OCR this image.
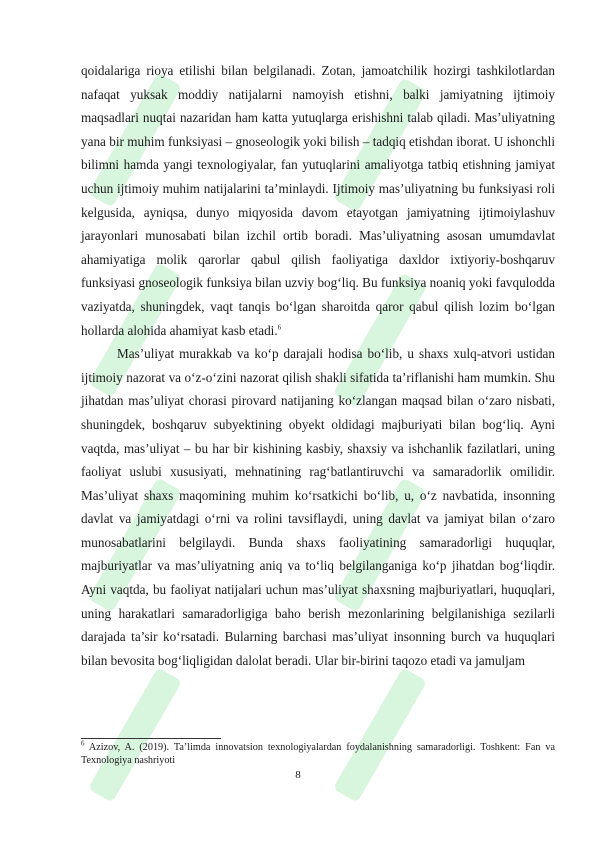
qoidalariga rioya etilishi bilan belgilanadi. Zotan, jamoatchilik hozirgi tashkilotlardan nafaqat yuksak moddiy natijalarni namoyish etishni, balki jamiyatning ijtimoiy maqsadlari nuqtai nazaridan ham katta yutuqlarga erishishni talab qiladi. Mas’uliyatning yana bir muhim funksiyasi – gnoseologik yoki bilish – tadqiq etishdan iborat. U ishonchli bilimni hamda yangi texnologiyalar, fan yutuqlarini amaliyotga tatbiq etishning jamiyat uchun ijtimoiy muhim natijalarini ta’minlaydi. Ijtimoiy mas’uliyatning bu funksiyasi roli kelgusida, ayniqsa, dunyo miqyosida davom etayotgan jamiyatning ijtimoiylashuv jarayonlari munosabati bilan izchil ortib boradi. Mas’uliyatning asosan umumdavlat ahamiyatiga molik qarorlar qabul qilish faoliyatiga daxldor ixtiyoriy-boshqaruv funksiyasi gnoseologik funksiya bilan uzviy bog‘liq. Bu funksiya noaniq yoki favqulodda vaziyatda, shuningdek, vaqt tanqis bo‘lgan sharoitda qaror qabul qilish lozim bo‘lgan hollarda alohida ahamiyat kasb etadi.$^6$

Mas’uliyat murakkab va ko‘p darajali hodisa bo‘lib, u shaxs xulq-atvori ustidan ijtimoiy nazorat va o‘z-o‘zini nazorat qilish shakli sifatida ta’riflanishi ham mumkin. Shu jihatdan mas’uliyat chorasi pirovard natijaning ko‘zlangan maqsad bilan o‘zaro nisbati, shuningdek, boshqaruv subyektining obyekt oldidagi majburiyati bilan bog‘liq. Ayni vaqtda, mas’uliyat – bu har bir kishining kasbiy, shaxsiy va ishchanlik fazilatlari, uning faoliyat uslubi xususiyati, mehnatining rag‘batlantiruvchi va samaradorlik omilidir. Mas’uliyat shaxs maqomining muhim ko‘rsatkichi bo‘lib, u, o‘z navbatida, insonning davlat va jamiyatdagi o‘rni va rolini tavsiflaydi, uning davlat va jamiyat bilan o‘zaro munosabatlarini belgilaydi. Bunda shaxs faoliyatining samaradorligi huquqlar, majburiyatlar va mas’uliyatning aniq va to‘liq belgilanganiga ko‘p jihatdan bog‘liqdir. Ayni vaqtda, bu faoliyat natijalari uchun mas’uliyat shaxsning majburiyatlari, huquqlari, uning harakatlari samaradorligiga baho berish mezonlarining belgilanishiga sezilarli darajada ta’sir ko‘rsatadi. Bularning barchasi mas’uliyat insonning burch va huquqlari bilan bevosita bog‘liqligidan dalolat beradi. Ular bir-birini taqozo etadi va jamuljam

$^6$ Azizov, A. (2019). Ta’limda innovatsion texnologiyalardan foydalanishning samaradorligi. Toshkent: Fan va Texnologiya nashriyoti
8
